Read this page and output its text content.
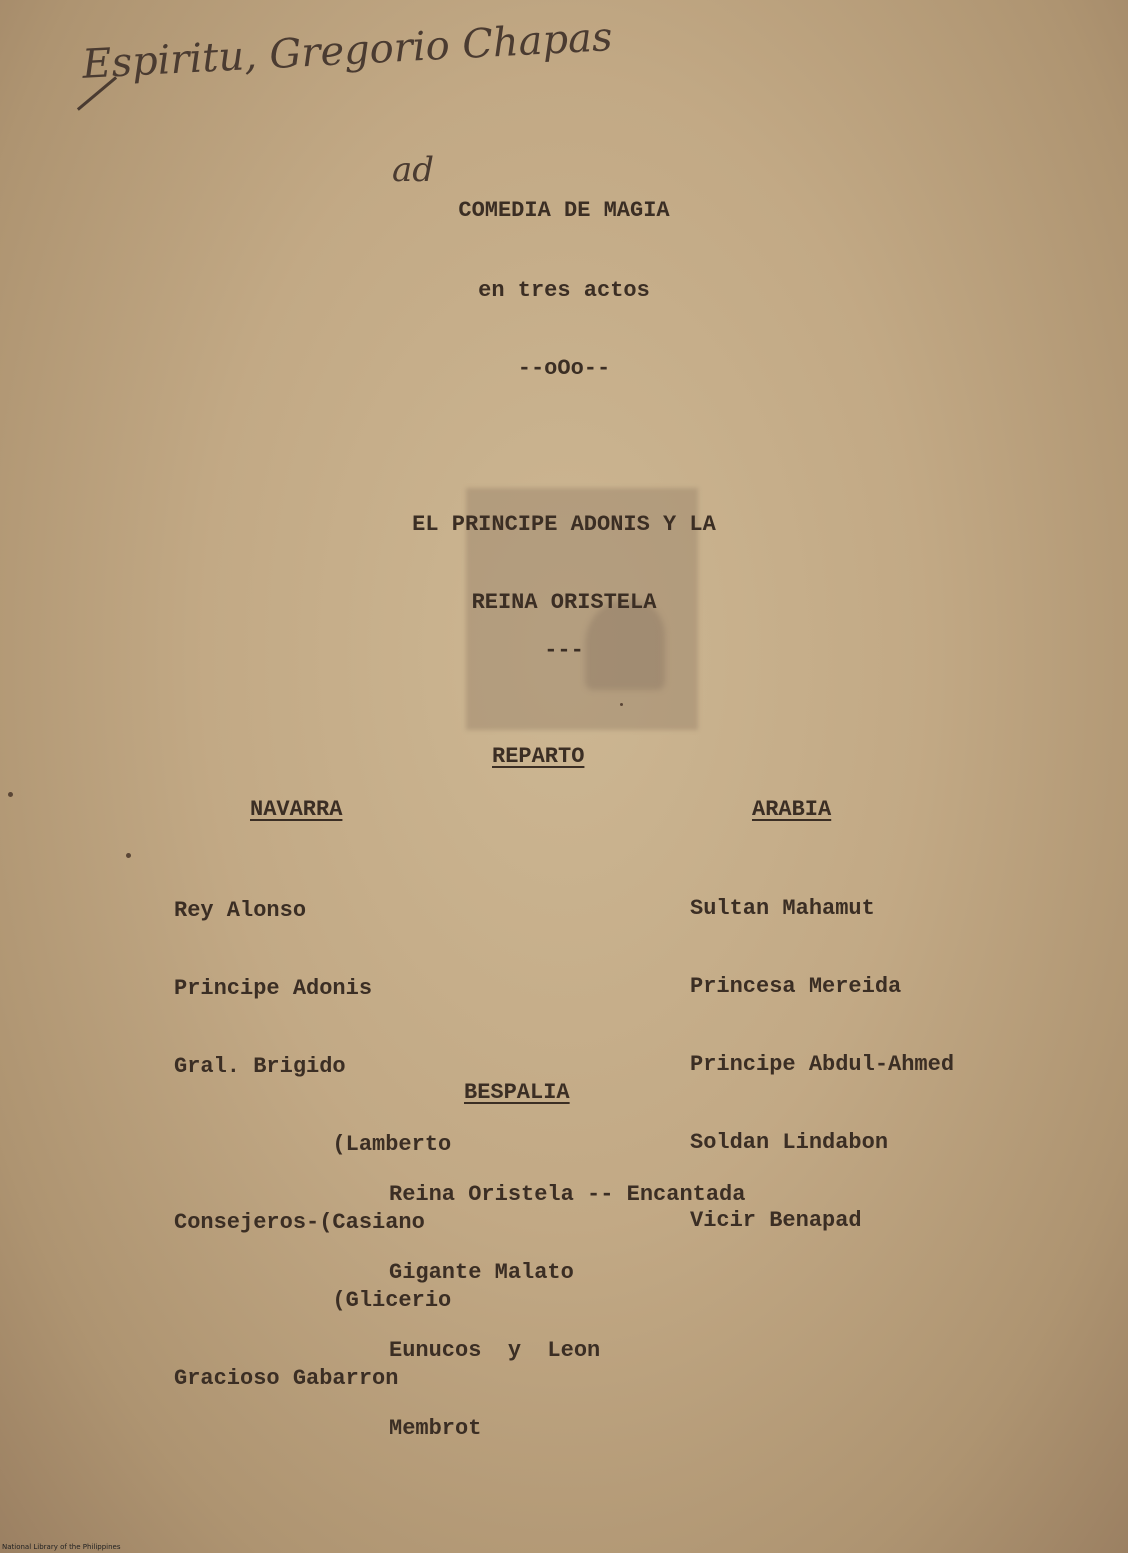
Espiritu, Gregorio Chapas
ad
COMEDIA DE MAGIA
en tres actos
--oOo--
EL PRINCIPE ADONIS Y LA
REINA ORISTELA
---
REPARTO
NAVARRA	ARABIA

Rey Alonso

Principe Adonis

Gral. Brigido

(Lamberto

Consejeros-(Casiano

(Glicerio

Gracioso Gabarron

Sultan Mahamut

Princesa Mereida

Principe Abdul-Ahmed

Soldan Lindabon

Vicir Benapad

BESPALIA

Reina Oristela -- Encantada

Gigante Malato

Eunucos  y  Leon

Membrot

National Library of the Philippines
